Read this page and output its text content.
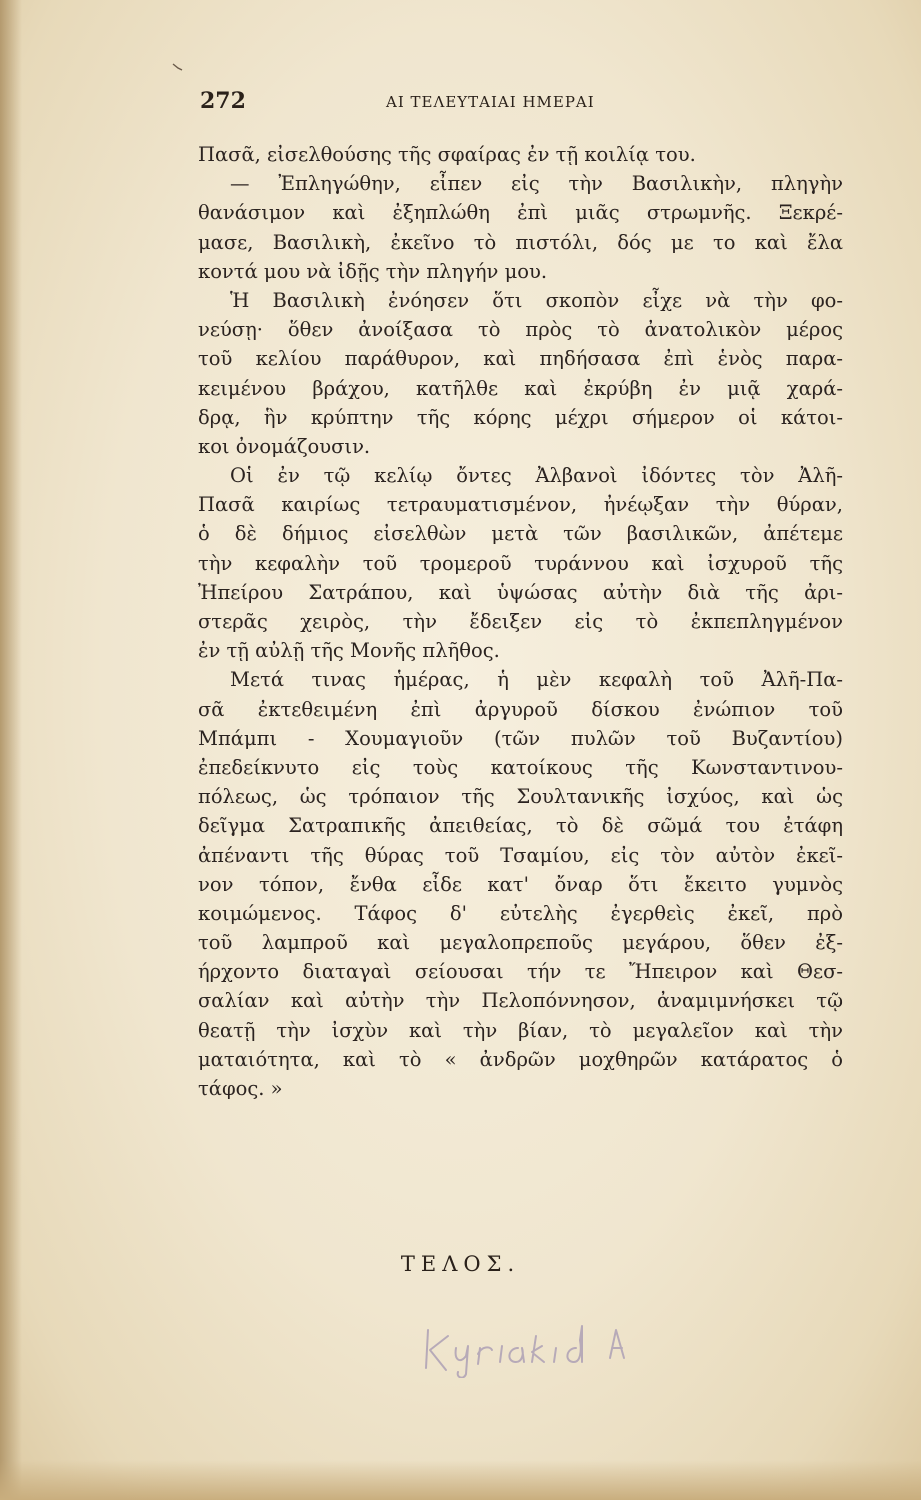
272	ΑΙ ΤΕΛΕΥΤΑΙΑΙ ΗΜΕΡΑΙ
Πασᾶ, εἰσελθούσης τῆς σφαίρας ἐν τῇ κοιλίᾳ του.
— Ἐπληγώθην, εἶπεν εἰς τὴν Βασιλικὴν, πληγὴν
θανάσιμον καὶ ἐξηπλώθη ἐπὶ μιᾶς στρωμνῆς. Ξεκρέ-
μασε, Βασιλικὴ, ἐκεῖνο τὸ πιστόλι, δός με το καὶ ἔλα
κοντά μου νὰ ἰδῇς τὴν πληγήν μου.
Ἡ Βασιλικὴ ἐνόησεν ὅτι σκοπὸν εἶχε νὰ τὴν φο-
νεύσῃ· ὅθεν ἀνοίξασα τὸ πρὸς τὸ ἀνατολικὸν μέρος
τοῦ κελίου παράθυρον, καὶ πηδήσασα ἐπὶ ἑνὸς παρα-
κειμένου βράχου, κατῆλθε καὶ ἐκρύβη ἐν μιᾷ χαρά-
δρᾳ, ἣν κρύπτην τῆς κόρης μέχρι σήμερον οἱ κάτοι-
κοι ὀνομάζουσιν.
Οἱ ἐν τῷ κελίῳ ὄντες Ἀλβανοὶ ἰδόντες τὸν Ἀλῆ-
Πασᾶ καιρίως τετραυματισμένον, ἠνέῳξαν τὴν θύραν,
ὁ δὲ δήμιος εἰσελθὼν μετὰ τῶν βασιλικῶν, ἀπέτεμε
τὴν κεφαλὴν τοῦ τρομεροῦ τυράννου καὶ ἰσχυροῦ τῆς
Ἠπείρου Σατράπου, καὶ ὑψώσας αὐτὴν διὰ τῆς ἀρι-
στερᾶς χειρὸς, τὴν ἔδειξεν εἰς τὸ ἐκπεπληγμένον
ἐν τῇ αὐλῇ τῆς Μονῆς πλῆθος.
Μετά τινας ἡμέρας, ἡ μὲν κεφαλὴ τοῦ Ἀλῆ-Πα-
σᾶ ἐκτεθειμένη ἐπὶ ἀργυροῦ δίσκου ἐνώπιον τοῦ
Μπάμπι - Χουμαγιοῦν (τῶν πυλῶν τοῦ Βυζαντίου)
ἐπεδείκνυτο εἰς τοὺς κατοίκους τῆς Κωνσταντινου-
πόλεως, ὡς τρόπαιον τῆς Σουλτανικῆς ἰσχύος, καὶ ὡς
δεῖγμα Σατραπικῆς ἀπειθείας, τὸ δὲ σῶμά του ἐτάφη
ἀπέναντι τῆς θύρας τοῦ Τσαμίου, εἰς τὸν αὐτὸν ἐκεῖ-
νον τόπον, ἔνθα εἶδε κατ' ὄναρ ὅτι ἔκειτο γυμνὸς
κοιμώμενος. Τάφος δ' εὐτελὴς ἐγερθεὶς ἐκεῖ, πρὸ
τοῦ λαμπροῦ καὶ μεγαλοπρεποῦς μεγάρου, ὅθεν ἐξ-
ήρχοντο διαταγαὶ σείουσαι τήν τε Ἤπειρον καὶ Θεσ-
σαλίαν καὶ αὐτὴν τὴν Πελοπόννησον, ἀναμιμνήσκει τῷ
θεατῇ τὴν ἰσχὺν καὶ τὴν βίαν, τὸ μεγαλεῖον καὶ τὴν
ματαιότητα, καὶ τὸ « ἀνδρῶν μοχθηρῶν κατάρατος ὁ
τάφος. »
ΤΕΛΟΣ.
